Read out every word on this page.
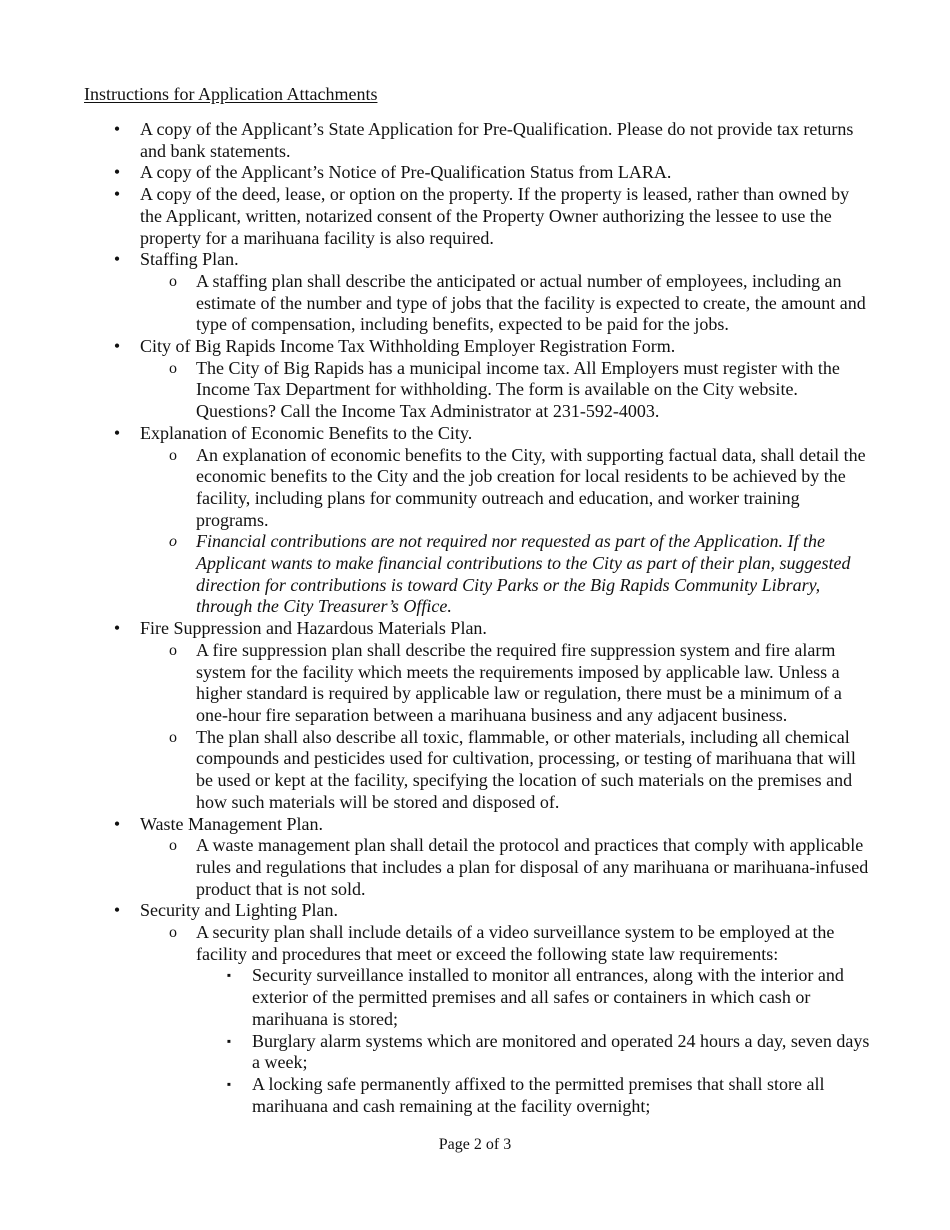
Instructions for Application Attachments
• A copy of the Applicant’s State Application for Pre-Qualification. Please do not provide tax returns and bank statements.
• A copy of the Applicant’s Notice of Pre-Qualification Status from LARA.
• A copy of the deed, lease, or option on the property. If the property is leased, rather than owned by the Applicant, written, notarized consent of the Property Owner authorizing the lessee to use the property for a marihuana facility is also required.
• Staffing Plan.
o A staffing plan shall describe the anticipated or actual number of employees, including an estimate of the number and type of jobs that the facility is expected to create, the amount and type of compensation, including benefits, expected to be paid for the jobs.
• City of Big Rapids Income Tax Withholding Employer Registration Form.
o The City of Big Rapids has a municipal income tax. All Employers must register with the Income Tax Department for withholding. The form is available on the City website. Questions? Call the Income Tax Administrator at 231-592-4003.
• Explanation of Economic Benefits to the City.
o An explanation of economic benefits to the City, with supporting factual data, shall detail the economic benefits to the City and the job creation for local residents to be achieved by the facility, including plans for community outreach and education, and worker training programs.
o Financial contributions are not required nor requested as part of the Application. If the Applicant wants to make financial contributions to the City as part of their plan, suggested direction for contributions is toward City Parks or the Big Rapids Community Library, through the City Treasurer’s Office.
• Fire Suppression and Hazardous Materials Plan.
o A fire suppression plan shall describe the required fire suppression system and fire alarm system for the facility which meets the requirements imposed by applicable law. Unless a higher standard is required by applicable law or regulation, there must be a minimum of a one-hour fire separation between a marihuana business and any adjacent business.
o The plan shall also describe all toxic, flammable, or other materials, including all chemical compounds and pesticides used for cultivation, processing, or testing of marihuana that will be used or kept at the facility, specifying the location of such materials on the premises and how such materials will be stored and disposed of.
• Waste Management Plan.
o A waste management plan shall detail the protocol and practices that comply with applicable rules and regulations that includes a plan for disposal of any marihuana or marihuana-infused product that is not sold.
• Security and Lighting Plan.
o A security plan shall include details of a video surveillance system to be employed at the facility and procedures that meet or exceed the following state law requirements:
▪ Security surveillance installed to monitor all entrances, along with the interior and exterior of the permitted premises and all safes or containers in which cash or marihuana is stored;
▪ Burglary alarm systems which are monitored and operated 24 hours a day, seven days a week;
▪ A locking safe permanently affixed to the permitted premises that shall store all marihuana and cash remaining at the facility overnight;
Page 2 of 3
